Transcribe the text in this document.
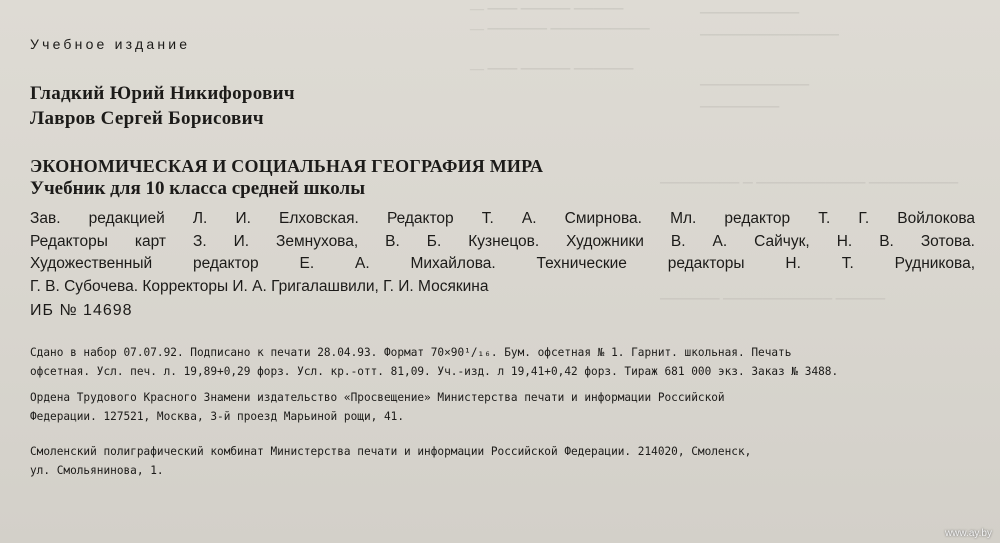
— ─── ───── ─────
— ────── ──────────
──────────
──────────────
— ─── ───── ──────
───────────
────────
──────── ─ ─────────── ─────────
────── ─────────── ─────
Учебное издание
Гладкий Юрий Никифорович
Лавров Сергей Борисович
ЭКОНОМИЧЕСКАЯ И СОЦИАЛЬНАЯ ГЕОГРАФИЯ МИРА
Учебник для 10 класса средней школы
Зав. редакцией Л. И. Елховская. Редактор Т. А. Смирнова. Мл. редактор Т. Г. Войлокова
Редакторы карт З. И. Земнухова, В. Б. Кузнецов. Художники В. А. Сайчук, Н. В. Зотова.
Художественный редактор Е. А. Михайлова. Технические редакторы Н. Т. Рудникова,
Г. В. Субочева. Корректоры И. А. Григалашвили, Г. И. Мосякина
ИБ № 14698
Сдано в набор 07.07.92. Подписано к печати 28.04.93. Формат 70×90¹/₁₆. Бум. офсетная № 1. Гарнит. школьная. Печать
офсетная. Усл. печ. л. 19,89+0,29 форз. Усл. кр.-отт. 81,09. Уч.-изд. л 19,41+0,42 форз. Тираж 681 000 экз. Заказ № 3488.
Ордена Трудового Красного Знамени издательство «Просвещение» Министерства печати и информации Российской
Федерации. 127521, Москва, 3-й проезд Марьиной рощи, 41.
Смоленский полиграфический комбинат Министерства печати и информации Российской Федерации. 214020, Смоленск,
ул. Смольянинова, 1.
www.ay.by
